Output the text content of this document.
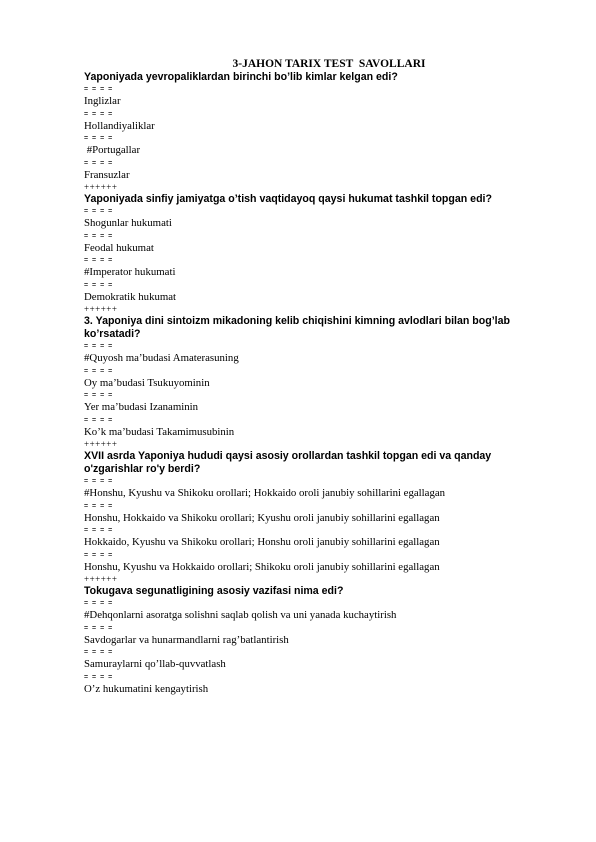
3-JAHON TARIX TEST  SAVOLLARI
Yaponiyada yevropaliklardan birinchi bo’lib kimlar kelgan edi?
= = = =
Inglizlar
= = = =
Hollandiyaliklar
= = = =
#Portugallar
= = = =
Fransuzlar
++++++
Yaponiyada sinfiy jamiyatga o’tish vaqtidayoq qaysi hukumat tashkil topgan edi?
= = = =
Shogunlar hukumati
= = = =
Feodal hukumat
= = = =
#Imperator hukumati
= = = =
Demokratik hukumat
++++++
3. Yaponiya dini sintoizm mikadoning kelib chiqishini kimning avlodlari bilan bog’lab ko’rsatadi?
= = = =
#Quyosh ma’budasi Amaterasuning
= = = =
Oy ma’budasi Tsukuyominin
= = = =
Yer ma’budasi Izanaminin
= = = =
Ko’k ma’budasi Takamimusubinin
++++++
XVII asrda Yaponiya hududi qaysi asosiy orollardan tashkil topgan edi va qanday o'zgarishlar ro'y berdi?
= = = =
#Honshu, Kyushu va Shikoku orollari; Hokkaido oroli janubiy sohillarini egallagan
= = = =
Honshu, Hokkaido va Shikoku orollari; Kyushu oroli janubiy sohillarini egallagan
= = = =
Hokkaido, Kyushu va Shikoku orollari; Honshu oroli janubiy sohillarini egallagan
= = = =
Honshu, Kyushu va Hokkaido orollari; Shikoku oroli janubiy sohillarini egallagan
++++++
Tokugava segunatligining asosiy vazifasi nima edi?
= = = =
#Dehqonlarni asoratga solishni saqlab qolish va uni yanada kuchaytirish
= = = =
Savdogarlar va hunarmandlarni rag’batlantirish
= = = =
Samuraylarni qo’llab-quvvatlash
= = = =
O’z hukumatini kengaytirish
